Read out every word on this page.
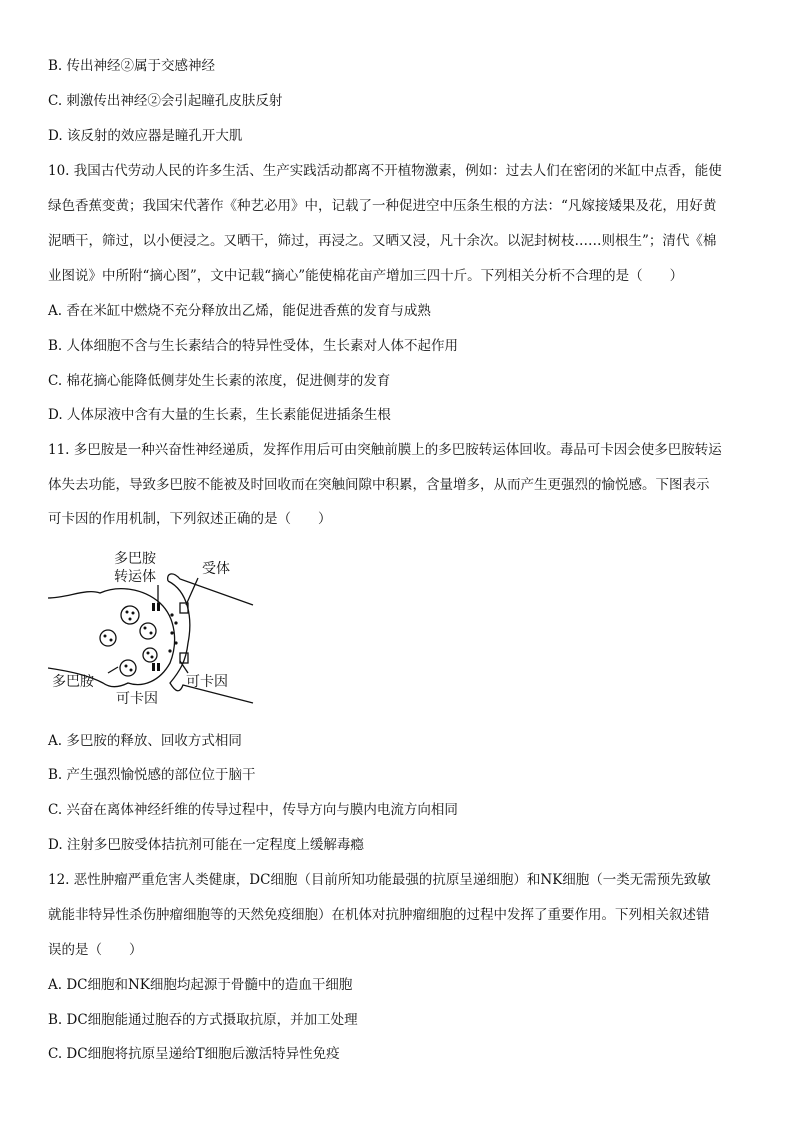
B. 传出神经②属于交感神经
C. 刺激传出神经②会引起瞳孔皮肤反射
D. 该反射的效应器是瞳孔开大肌
10. 我国古代劳动人民的许多生活、生产实践活动都离不开植物激素，例如：过去人们在密闭的米缸中点香，能使
绿色香蕉变黄；我国宋代著作《种艺必用》中，记载了一种促进空中压条生根的方法：“凡嫁接矮果及花，用好黄
泥晒干，筛过，以小便浸之。又晒干，筛过，再浸之。又晒又浸，凡十余次。以泥封树枝……则根生”；清代《棉
业图说》中所附“摘心图”，文中记载“摘心”能使棉花亩产增加三四十斤。下列相关分析不合理的是（　　）
A. 香在米缸中燃烧不充分释放出乙烯，能促进香蕉的发育与成熟
B. 人体细胞不含与生长素结合的特异性受体，生长素对人体不起作用
C. 棉花摘心能降低侧芽处生长素的浓度，促进侧芽的发育
D. 人体尿液中含有大量的生长素，生长素能促进插条生根
11. 多巴胺是一种兴奋性神经递质，发挥作用后可由突触前膜上的多巴胺转运体回收。毒品可卡因会使多巴胺转运
体失去功能，导致多巴胺不能被及时回收而在突触间隙中积累，含量增多，从而产生更强烈的愉悦感。下图表示
可卡因的作用机制，下列叙述正确的是（　　）
多巴胺
转运体	受体
多巴胺	可卡因
可卡因
A. 多巴胺的释放、回收方式相同
B. 产生强烈愉悦感的部位位于脑干
C. 兴奋在离体神经纤维的传导过程中，传导方向与膜内电流方向相同
D. 注射多巴胺受体拮抗剂可能在一定程度上缓解毒瘾
12. 恶性肿瘤严重危害人类健康，DC细胞（目前所知功能最强的抗原呈递细胞）和NK细胞（一类无需预先致敏
就能非特异性杀伤肿瘤细胞等的天然免疫细胞）在机体对抗肿瘤细胞的过程中发挥了重要作用。下列相关叙述错
误的是（　　）
A. DC细胞和NK细胞均起源于骨髓中的造血干细胞
B. DC细胞能通过胞吞的方式摄取抗原，并加工处理
C. DC细胞将抗原呈递给T细胞后激活特异性免疫
